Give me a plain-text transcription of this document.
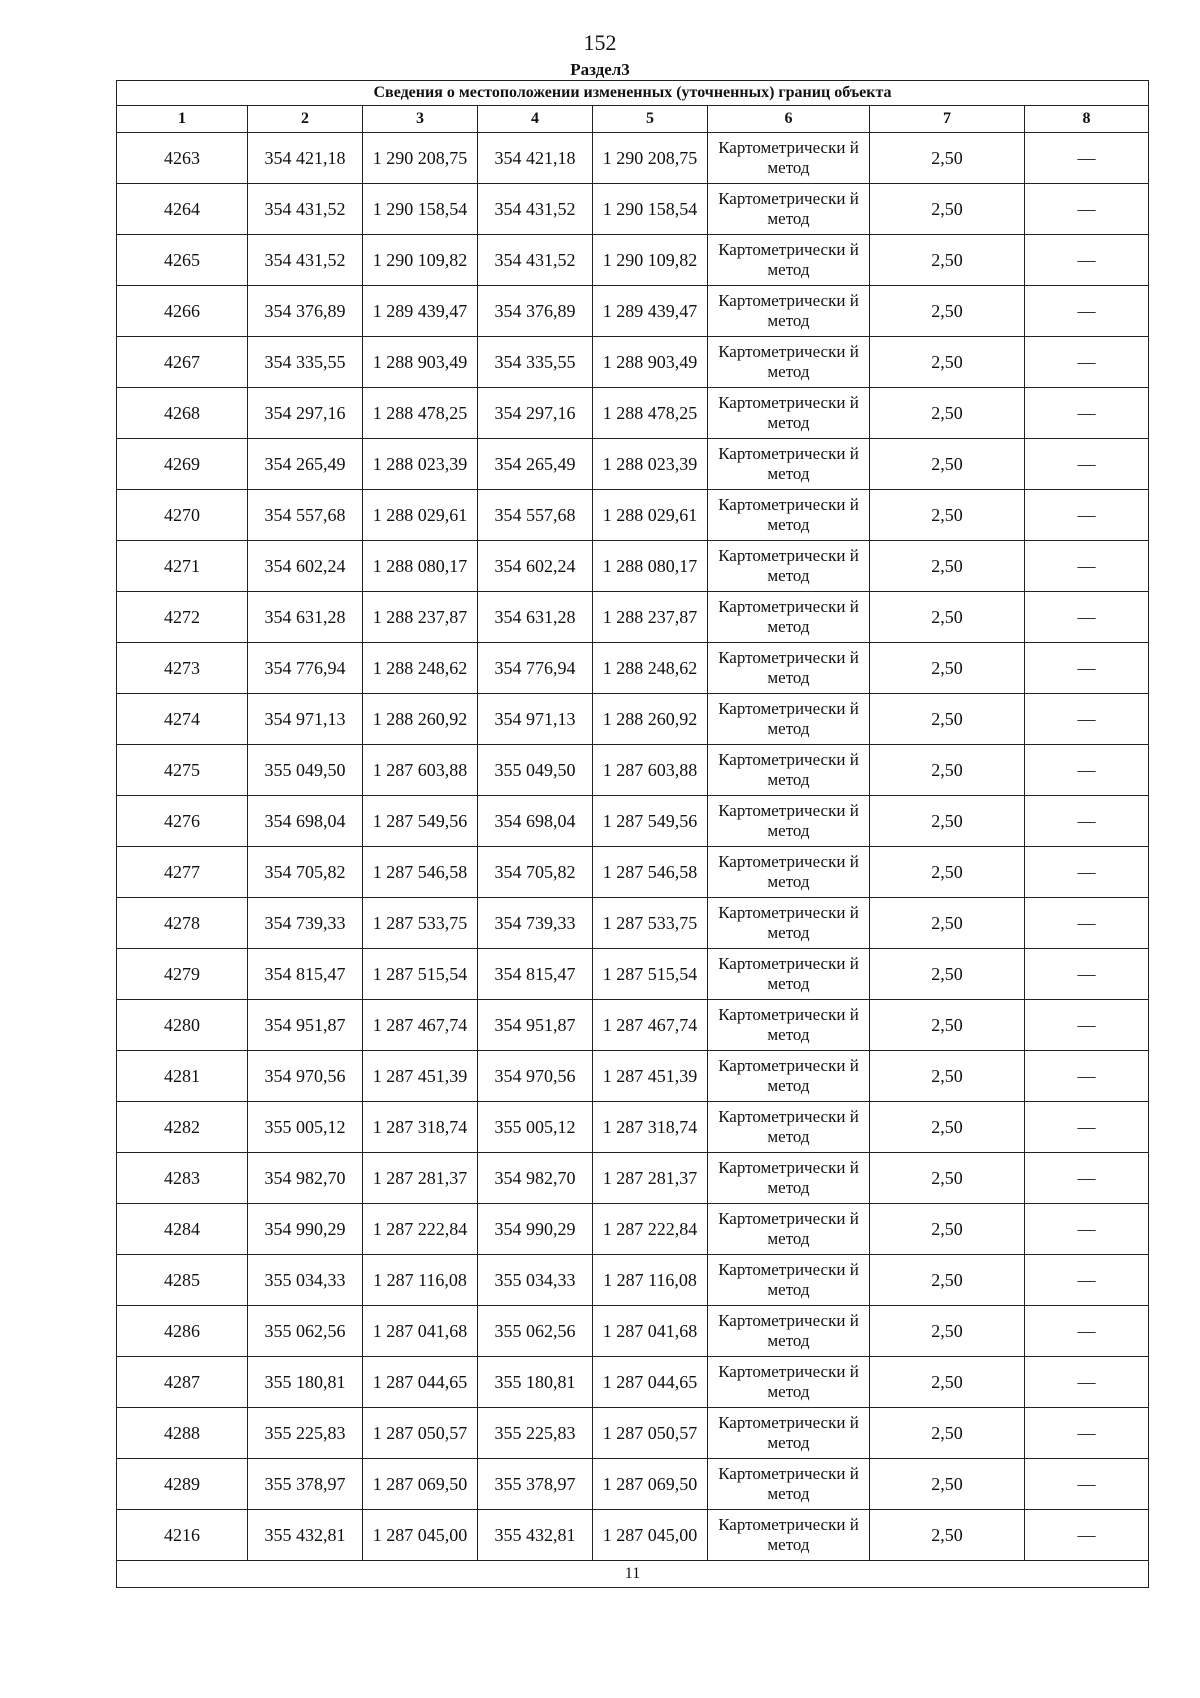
152
Раздел3
Сведения о местоположении измененных (уточненных) границ объекта							
1	2	3	4	5	6	7	8
4263	354 421,18	1 290 208,75	354 421,18	1 290 208,75	Картометрически й метод	2,50	—
4264	354 431,52	1 290 158,54	354 431,52	1 290 158,54	Картометрически й метод	2,50	—
4265	354 431,52	1 290 109,82	354 431,52	1 290 109,82	Картометрически й метод	2,50	—
4266	354 376,89	1 289 439,47	354 376,89	1 289 439,47	Картометрически й метод	2,50	—
4267	354 335,55	1 288 903,49	354 335,55	1 288 903,49	Картометрически й метод	2,50	—
4268	354 297,16	1 288 478,25	354 297,16	1 288 478,25	Картометрически й метод	2,50	—
4269	354 265,49	1 288 023,39	354 265,49	1 288 023,39	Картометрически й метод	2,50	—
4270	354 557,68	1 288 029,61	354 557,68	1 288 029,61	Картометрически й метод	2,50	—
4271	354 602,24	1 288 080,17	354 602,24	1 288 080,17	Картометрически й метод	2,50	—
4272	354 631,28	1 288 237,87	354 631,28	1 288 237,87	Картометрически й метод	2,50	—
4273	354 776,94	1 288 248,62	354 776,94	1 288 248,62	Картометрически й метод	2,50	—
4274	354 971,13	1 288 260,92	354 971,13	1 288 260,92	Картометрически й метод	2,50	—
4275	355 049,50	1 287 603,88	355 049,50	1 287 603,88	Картометрически й метод	2,50	—
4276	354 698,04	1 287 549,56	354 698,04	1 287 549,56	Картометрически й метод	2,50	—
4277	354 705,82	1 287 546,58	354 705,82	1 287 546,58	Картометрически й метод	2,50	—
4278	354 739,33	1 287 533,75	354 739,33	1 287 533,75	Картометрически й метод	2,50	—
4279	354 815,47	1 287 515,54	354 815,47	1 287 515,54	Картометрически й метод	2,50	—
4280	354 951,87	1 287 467,74	354 951,87	1 287 467,74	Картометрически й метод	2,50	—
4281	354 970,56	1 287 451,39	354 970,56	1 287 451,39	Картометрически й метод	2,50	—
4282	355 005,12	1 287 318,74	355 005,12	1 287 318,74	Картометрически й метод	2,50	—
4283	354 982,70	1 287 281,37	354 982,70	1 287 281,37	Картометрически й метод	2,50	—
4284	354 990,29	1 287 222,84	354 990,29	1 287 222,84	Картометрически й метод	2,50	—
4285	355 034,33	1 287 116,08	355 034,33	1 287 116,08	Картометрически й метод	2,50	—
4286	355 062,56	1 287 041,68	355 062,56	1 287 041,68	Картометрически й метод	2,50	—
4287	355 180,81	1 287 044,65	355 180,81	1 287 044,65	Картометрически й метод	2,50	—
4288	355 225,83	1 287 050,57	355 225,83	1 287 050,57	Картометрически й метод	2,50	—
4289	355 378,97	1 287 069,50	355 378,97	1 287 069,50	Картометрически й метод	2,50	—
4216	355 432,81	1 287 045,00	355 432,81	1 287 045,00	Картометрически й метод	2,50	—
11							
